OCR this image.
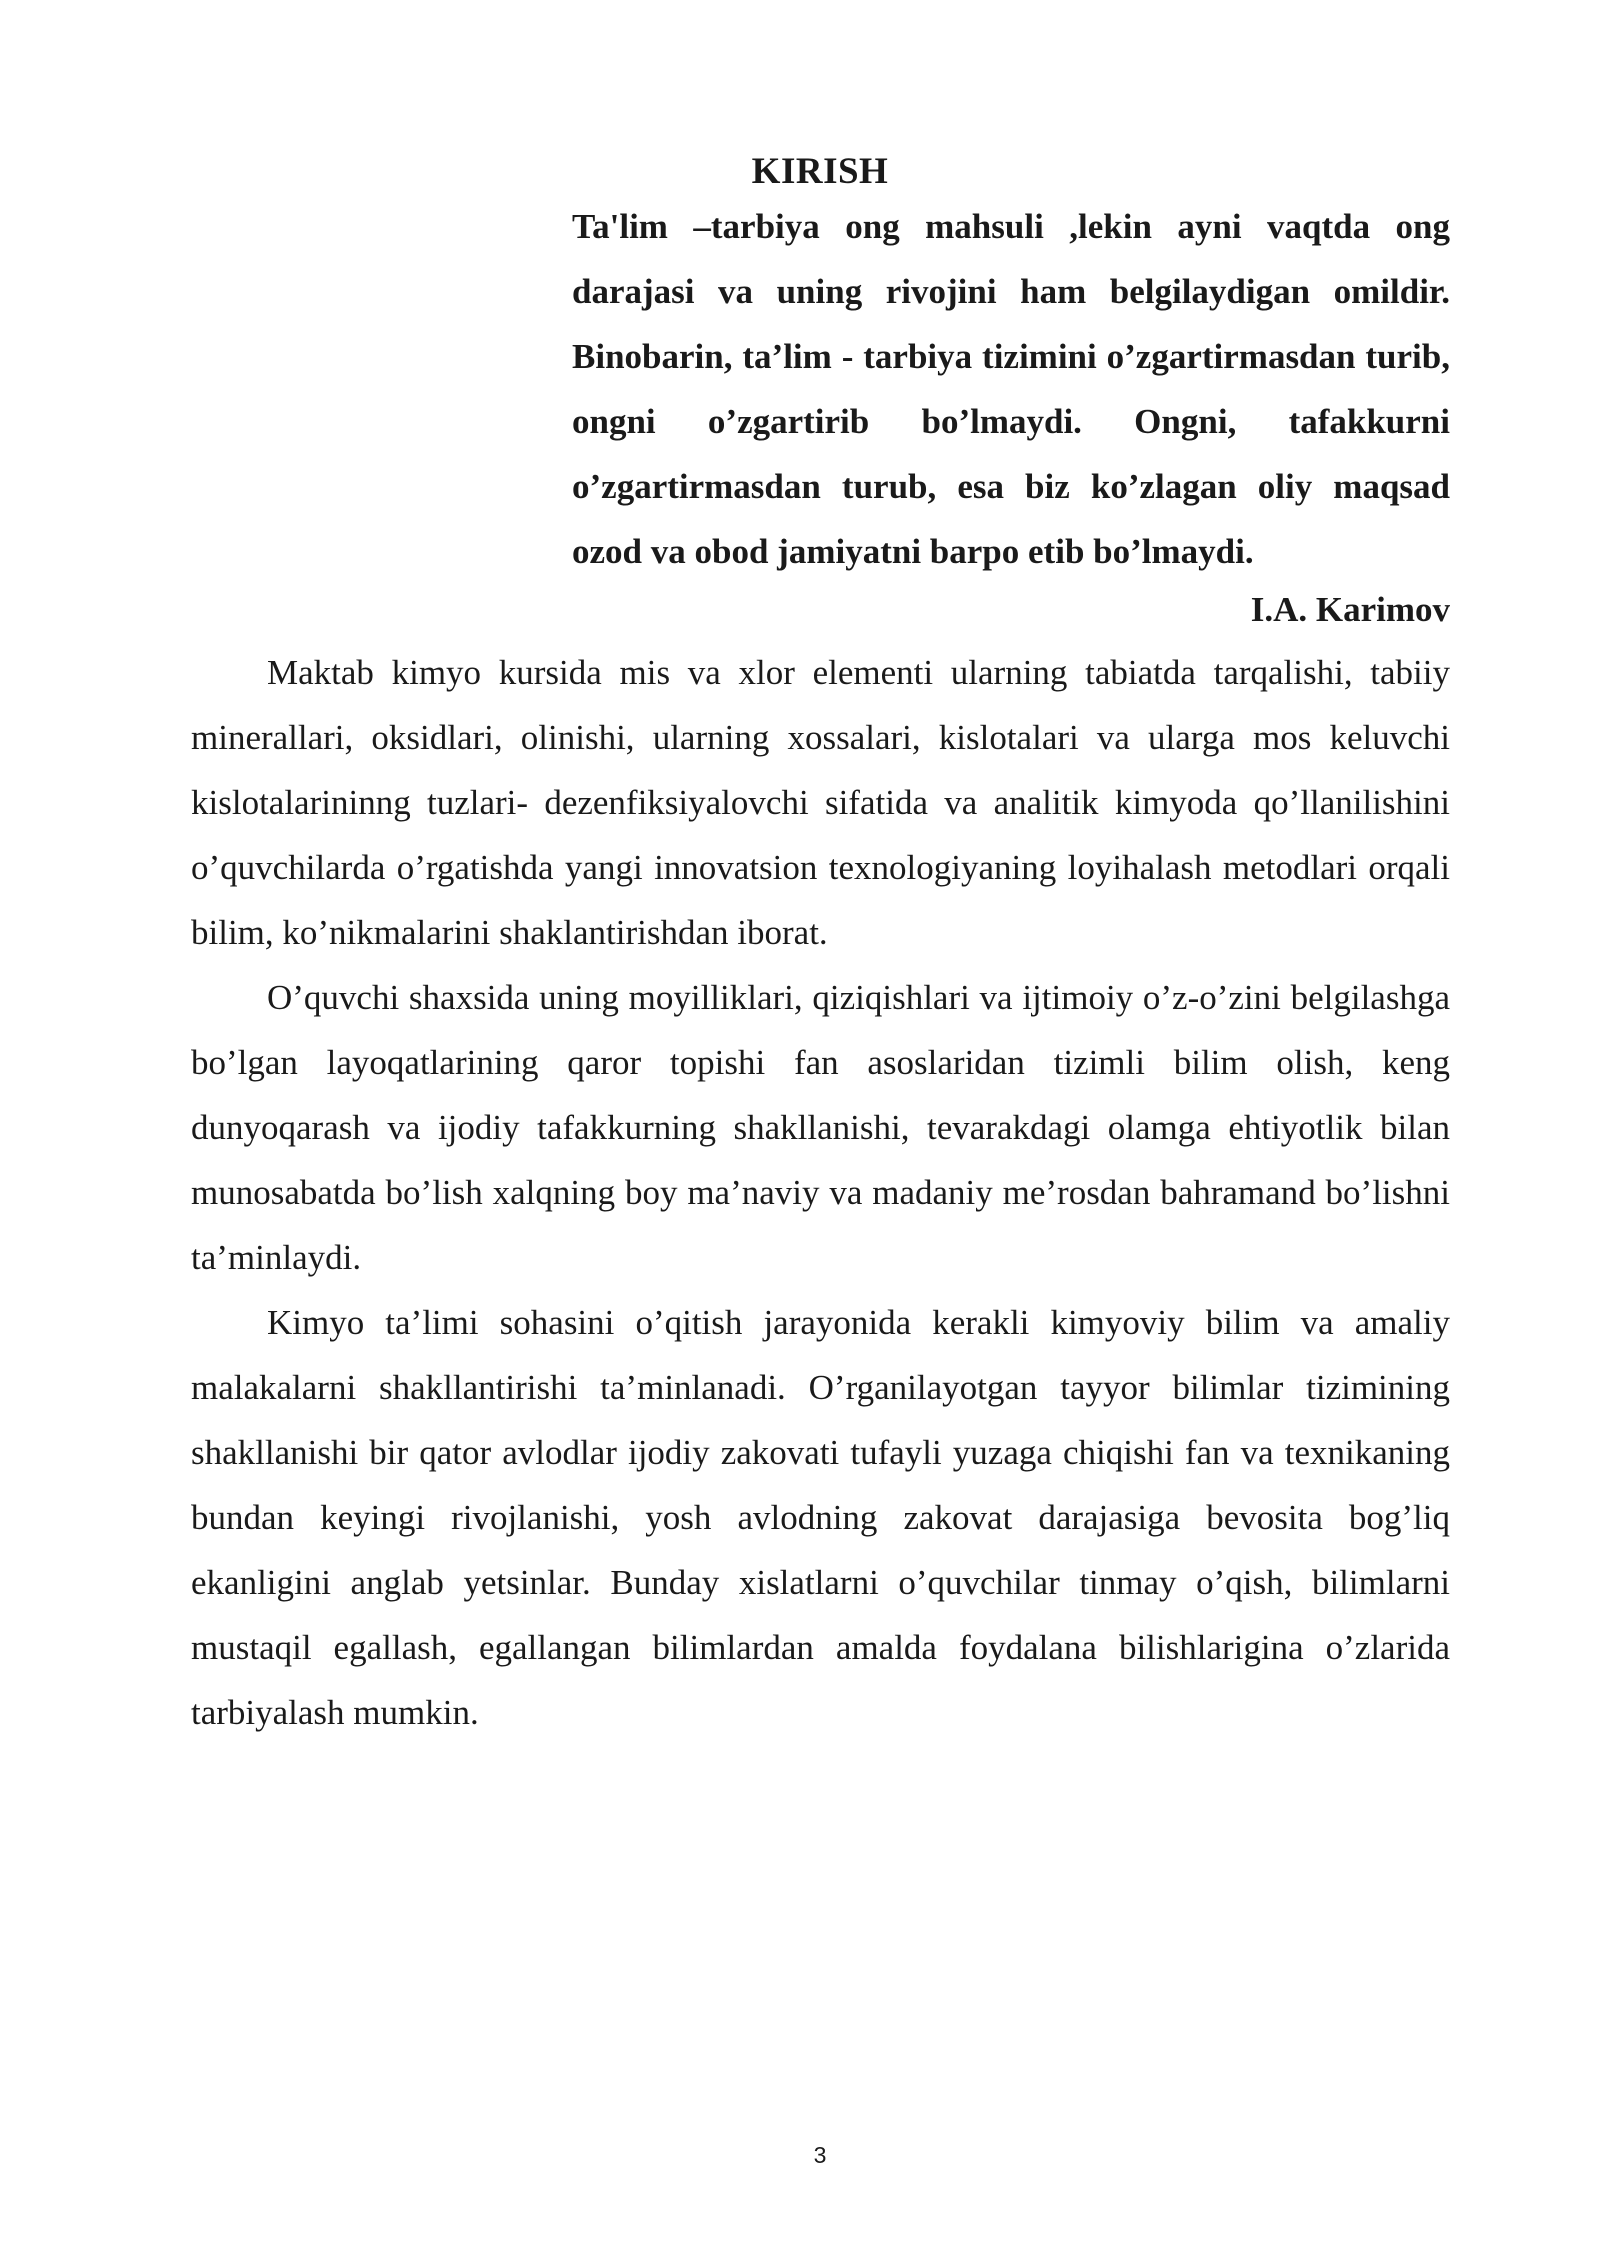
KIRISH
Ta'lim –tarbiya ong mahsuli ,lekin ayni vaqtda ong darajasi va uning rivojini ham belgilaydigan omildir. Binobarin, ta’lim - tarbiya tizimini o’zgartirmasdan turib, ongni o’zgartirib bo’lmaydi. Ongni, tafakkurni o’zgartirmasdan turub, esa biz ko’zlagan oliy maqsad ozod va obod jamiyatni barpo etib bo’lmaydi.
I.A. Karimov

Maktab kimyo kursida mis va xlor elementi ularning tabiatda tarqalishi, tabiiy minerallari, oksidlari, olinishi, ularning xossalari, kislotalari va ularga mos keluvchi kislotalarininng tuzlari- dezenfiksiyalovchi sifatida va analitik kimyoda qo’llanilishini o’quvchilarda o’rgatishda yangi innovatsion texnologiyaning loyihalash metodlari orqali bilim, ko’nikmalarini shaklantirishdan iborat.

O’quvchi shaxsida uning moyilliklari, qiziqishlari va ijtimoiy o’z-o’zini belgilashga bo’lgan layoqatlarining qaror topishi fan asoslaridan tizimli bilim olish, keng dunyoqarash va ijodiy tafakkurning shakllanishi, tevarakdagi olamga ehtiyotlik bilan munosabatda bo’lish xalqning boy ma’naviy va madaniy me’rosdan bahramand bo’lishni ta’minlaydi.

Kimyo ta’limi sohasini o’qitish jarayonida kerakli kimyoviy bilim va amaliy malakalarni shakllantirishi ta’minlanadi. O’rganilayotgan tayyor bilimlar tizimining shakllanishi bir qator avlodlar ijodiy zakovati tufayli yuzaga chiqishi fan va texnikaning bundan keyingi rivojlanishi, yosh avlodning zakovat darajasiga bevosita bog’liq ekanligini anglab yetsinlar. Bunday xislatlarni o’quvchilar tinmay o’qish, bilimlarni mustaqil egallash, egallangan bilimlardan amalda foydalana bilishlarigina o’zlarida tarbiyalash mumkin.

3
